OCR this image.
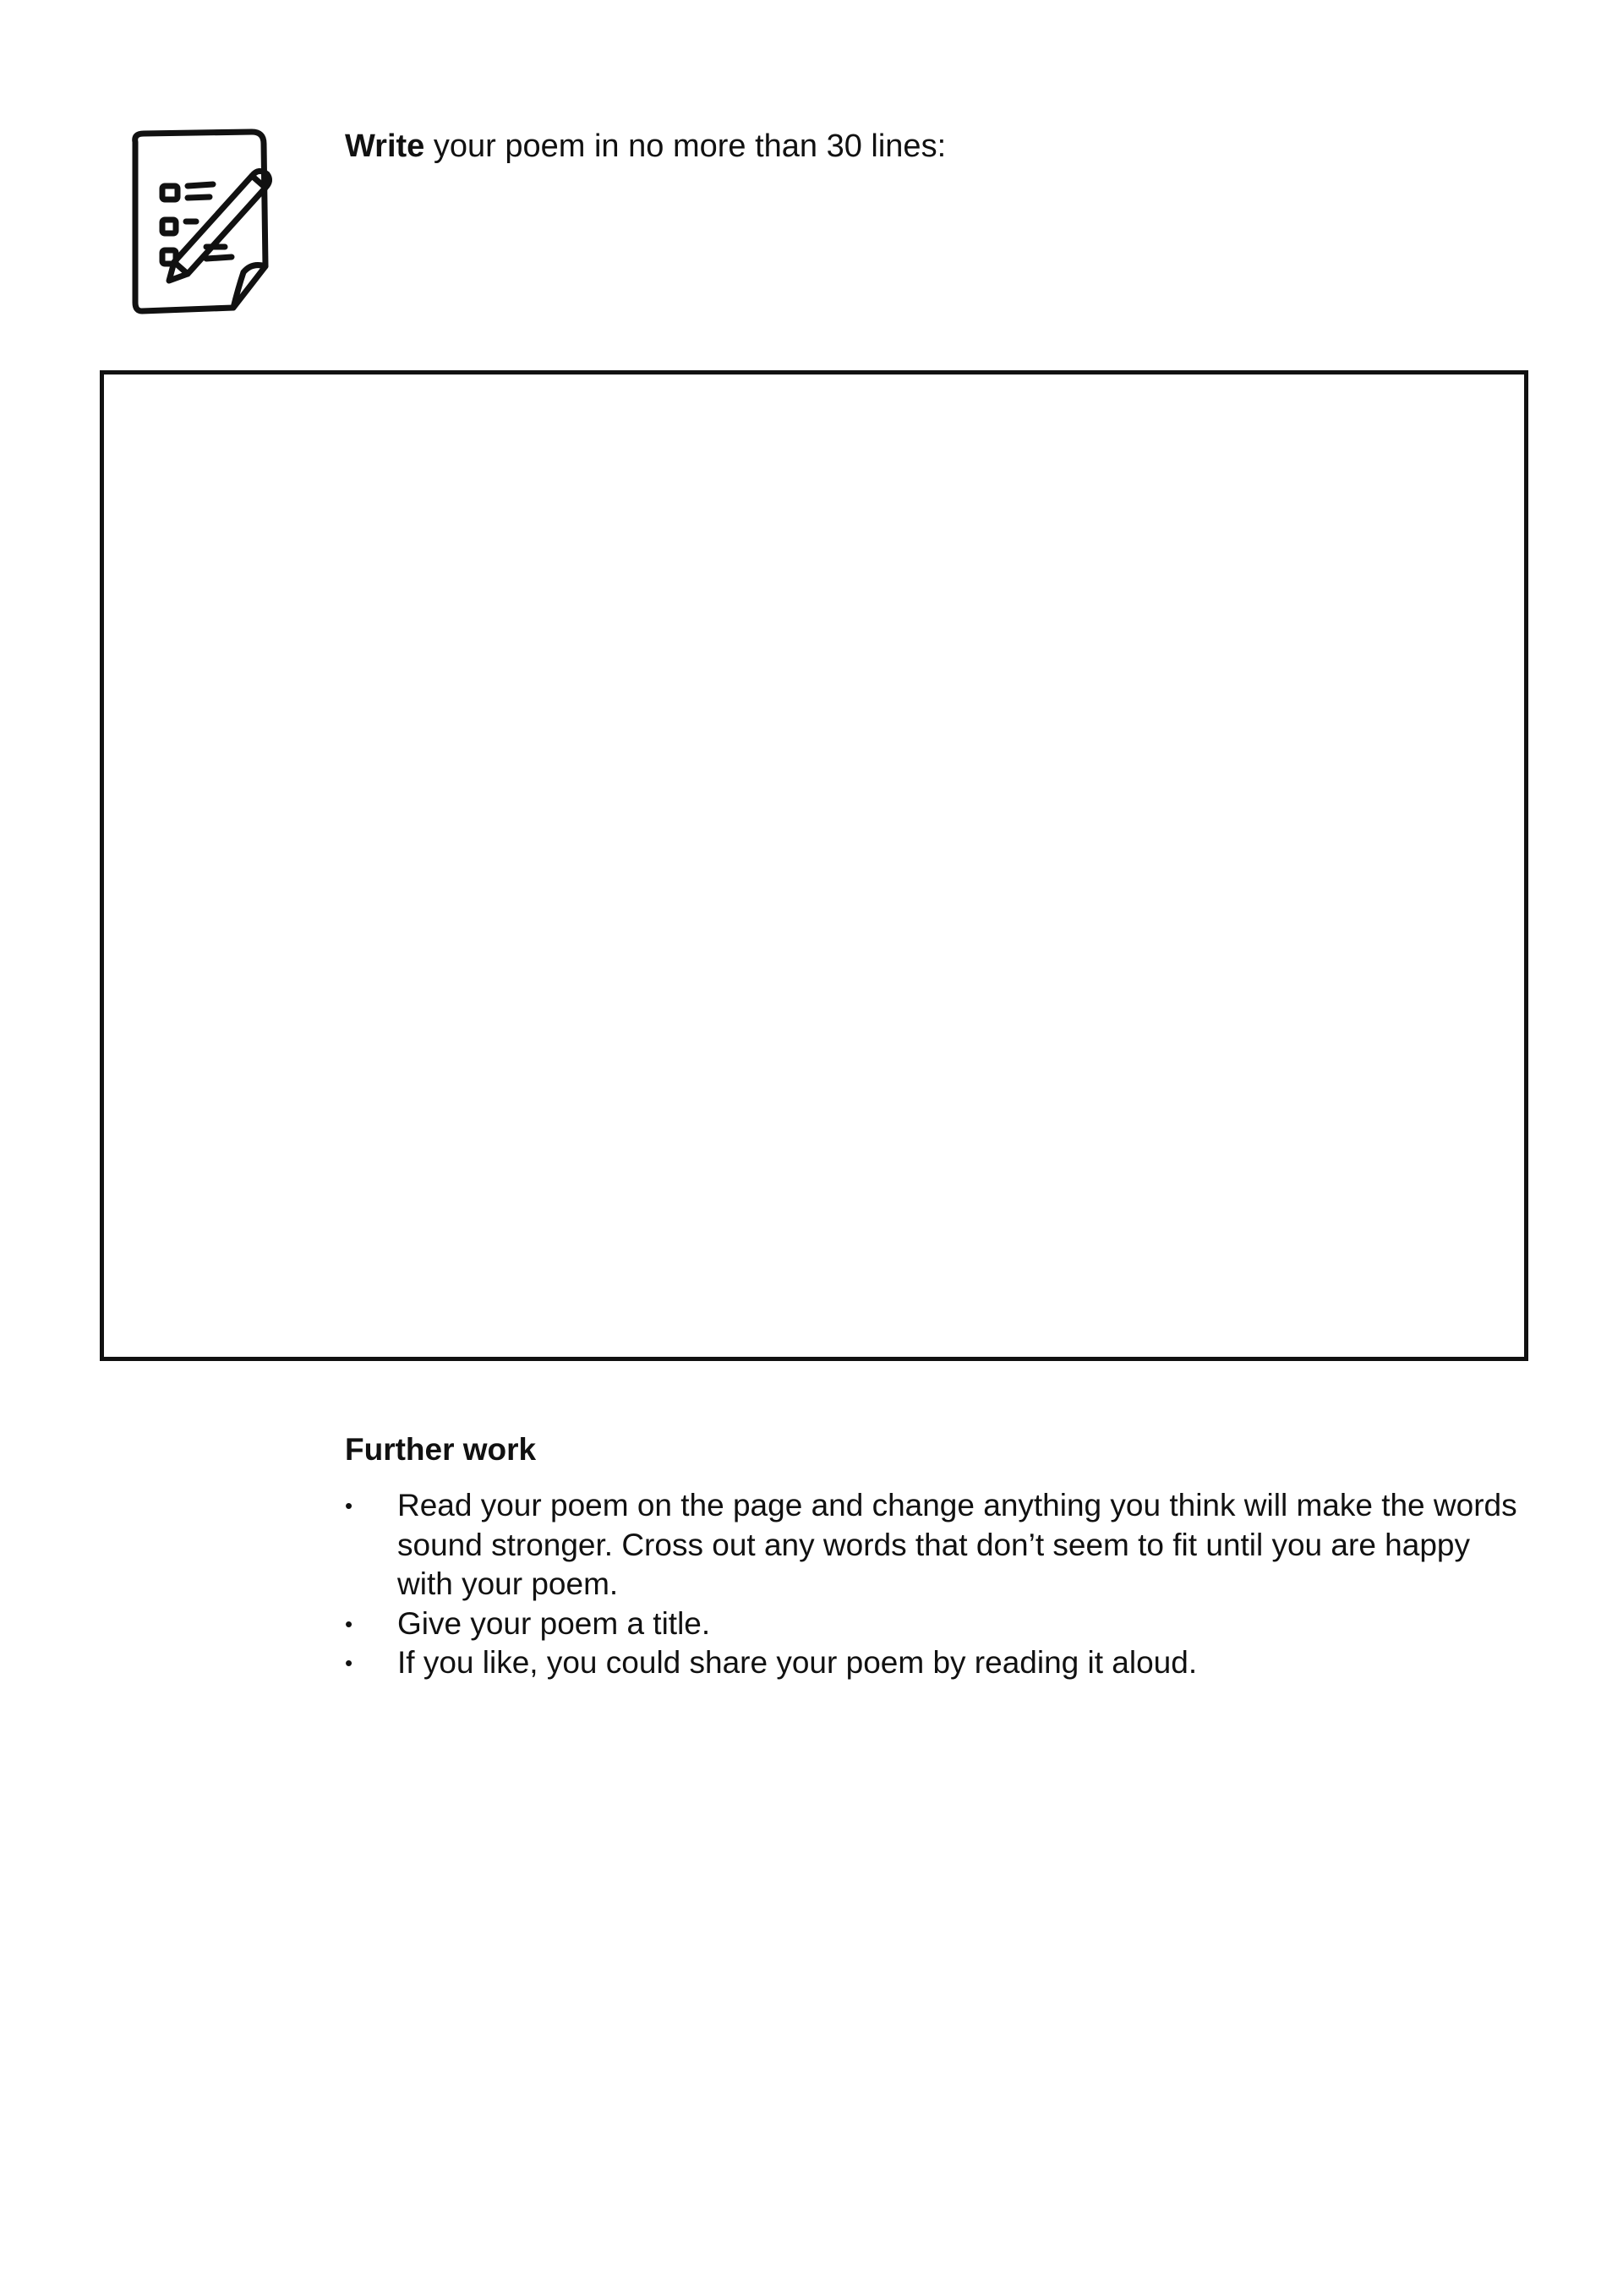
Write your poem in no more than 30 lines:
Further work
• Read your poem on the page and change anything you think will make the words sound stronger. Cross out any words that don’t seem to fit until you are happy with your poem.
• Give your poem a title.
• If you like, you could share your poem by reading it aloud.
